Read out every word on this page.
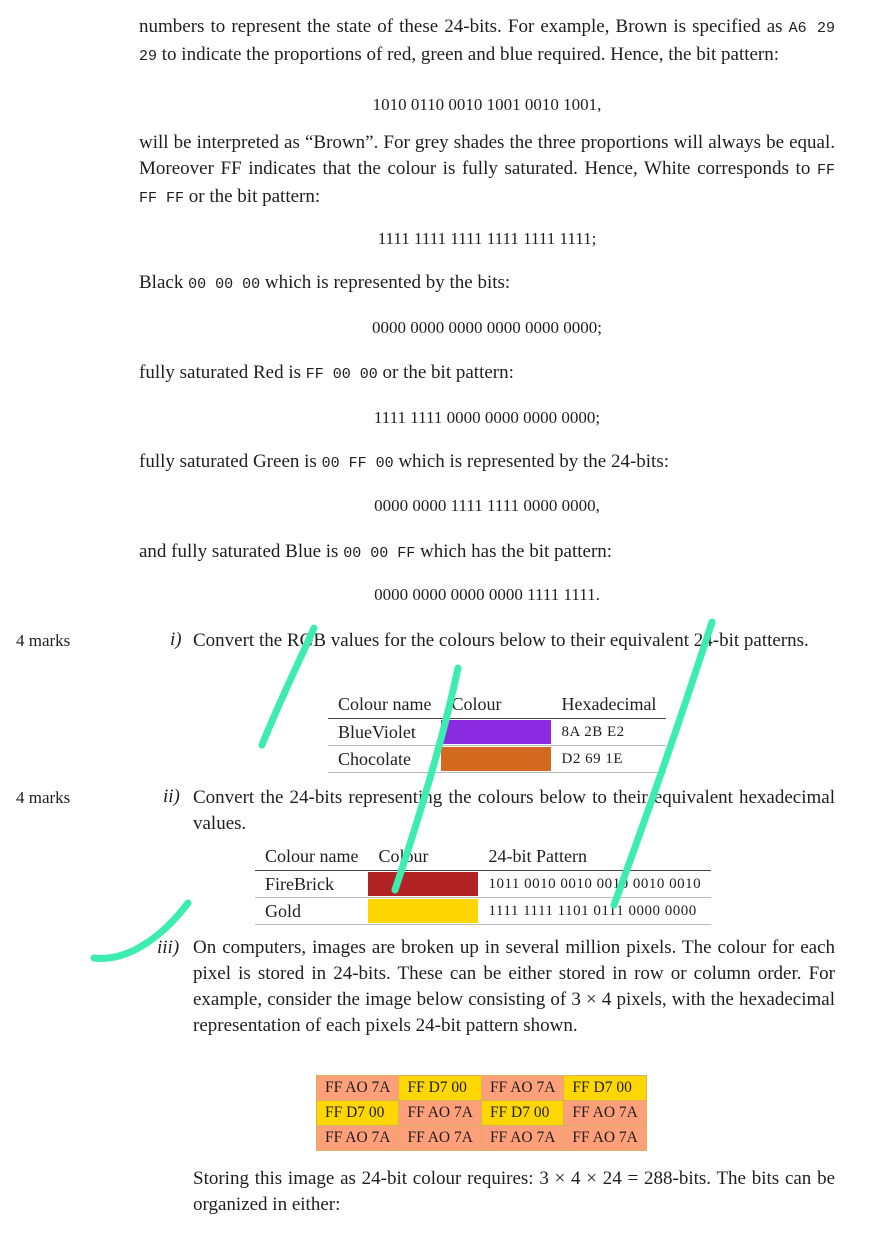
numbers to represent the state of these 24-bits. For example, Brown is specified as A6 29 29 to indicate the proportions of red, green and blue required. Hence, the bit pattern:

1010 0110 0010 1001 0010 1001,

will be interpreted as “Brown”. For grey shades the three proportions will always be equal. Moreover FF indicates that the colour is fully saturated. Hence, White corresponds to FF FF FF or the bit pattern:

1111 1111 1111 1111 1111 1111;

Black 00 00 00 which is represented by the bits:

0000 0000 0000 0000 0000 0000;

fully saturated Red is FF 00 00 or the bit pattern:

1111 1111 0000 0000 0000 0000;

fully saturated Green is 00 FF 00 which is represented by the 24-bits:

0000 0000 1111 1111 0000 0000,

and fully saturated Blue is 00 00 FF which has the bit pattern:

0000 0000 0000 0000 1111 1111.

4 marks	i) Convert the RGB values for the colours below to their equivalent 24-bit patterns.

Colour name	Colour	Hexadecimal
BlueViolet		8A 2B E2
Chocolate		D2 69 1E
4 marks	ii) Convert the 24-bits representing the colours below to their equivalent hexadecimal values.

Colour name	Colour	24-bit Pattern
FireBrick		1011 0010 0010 0010 0010 0010
Gold		1111 1111 1101 0111 0000 0000
iii) On computers, images are broken up in several million pixels. The colour for each pixel is stored in 24-bits. These can be either stored in row or column order. For example, consider the image below consisting of 3 × 4 pixels, with the hexadecimal representation of each pixels 24-bit pattern shown.

FF AO 7A	FF D7 00	FF AO 7A	FF D7 00
FF D7 00	FF AO 7A	FF D7 00	FF AO 7A
FF AO 7A	FF AO 7A	FF AO 7A	FF AO 7A

Storing this image as 24-bit colour requires: 3 × 4 × 24 = 288-bits. The bits can be organized in either:
